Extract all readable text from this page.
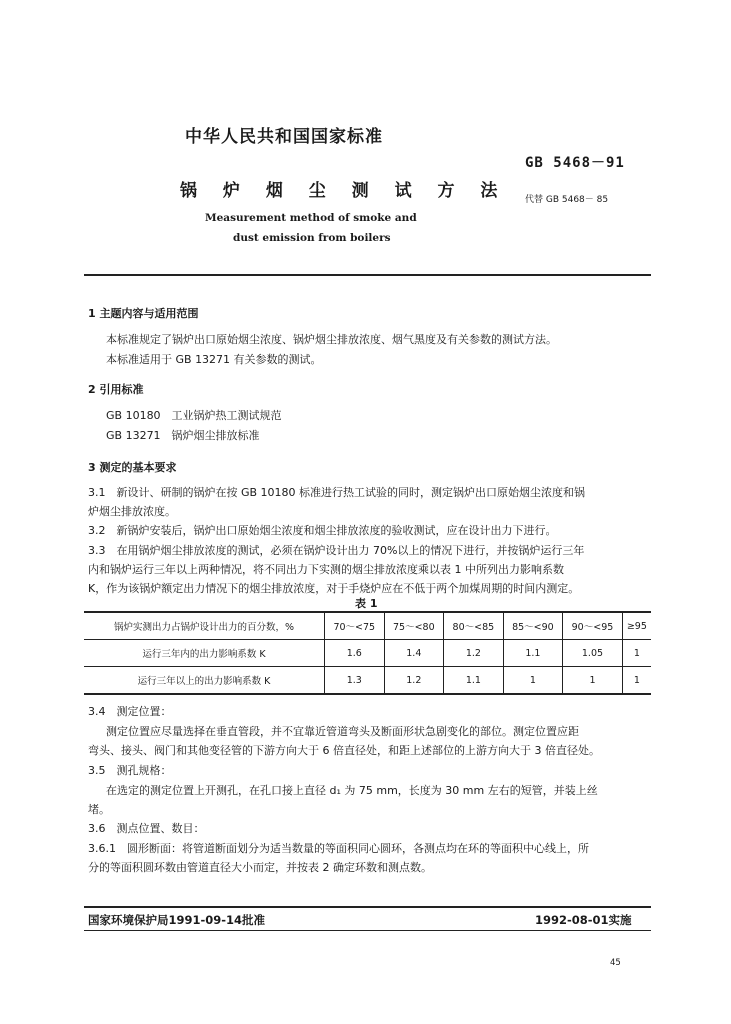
中华人民共和国国家标准
GB 5468－91
锅 炉 烟 尘 测 试 方 法 代替 GB 5468－ 85
Measurement method of smoke and
dust emission from boilers
1 主题内容与适用范围
本标准规定了锅炉出口原始烟尘浓度、锅炉烟尘排放浓度、烟气黑度及有关参数的测试方法。
本标准适用于 GB 13271 有关参数的测试。
2 引用标准
GB 10180　工业锅炉热工测试规范
GB 13271　锅炉烟尘排放标准
3 测定的基本要求
3.1　新设计、研制的锅炉在按 GB 10180 标准进行热工试验的同时，测定锅炉出口原始烟尘浓度和锅
炉烟尘排放浓度。
3.2　新锅炉安装后，锅炉出口原始烟尘浓度和烟尘排放浓度的验收测试，应在设计出力下进行。
3.3　在用锅炉烟尘排放浓度的测试，必须在锅炉设计出力 70%以上的情况下进行，并按锅炉运行三年
内和锅炉运行三年以上两种情况，将不同出力下实测的烟尘排放浓度乘以表 1 中所列出力影响系数
K，作为该锅炉额定出力情况下的烟尘排放浓度，对于手烧炉应在不低于两个加煤周期的时间内测定。
表 1
锅炉实测出力占锅炉设计出力的百分数，%	70～<75	75～<80	80～<85	85～<90	90～<95	≥95
运行三年内的出力影响系数 K	1.6	1.4	1.2	1.1	1.05	1
运行三年以上的出力影响系数 K	1.3	1.2	1.1	1	1	1
3.4　测定位置：
测定位置应尽量选择在垂直管段，并不宜靠近管道弯头及断面形状急剧变化的部位。测定位置应距
弯头、接头、阀门和其他变径管的下游方向大于 6 倍直径处，和距上述部位的上游方向大于 3 倍直径处。
3.5　测孔规格：
在选定的测定位置上开测孔，在孔口接上直径 d₁ 为 75 mm，长度为 30 mm 左右的短管，并装上丝
堵。
3.6　测点位置、数目：
3.6.1　圆形断面：将管道断面划分为适当数量的等面积同心圆环，各测点均在环的等面积中心线上，所
分的等面积圆环数由管道直径大小而定，并按表 2 确定环数和测点数。
国家环境保护局1991-09-14批准	1992-08-01实施
45
